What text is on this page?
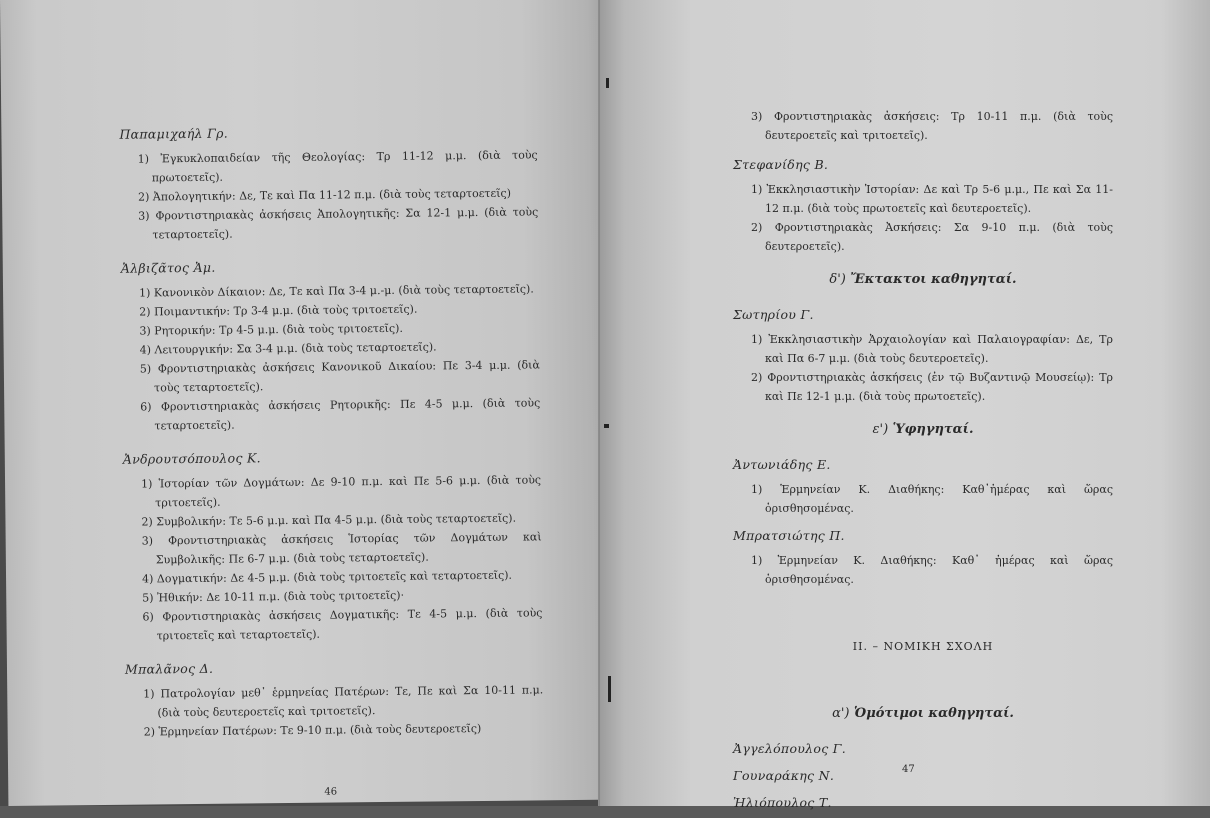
Παπαμιχαήλ Γρ.

1) Ἐγκυκλοπαιδείαν τῆς Θεολογίας: Τρ 11-12 μ.μ. (διὰ τοὺς πρωτοετεῖς).

2) Ἀπολογητικήν: Δε, Τε καὶ Πα 11-12 π.μ. (διὰ τοὺς τεταρτοετεῖς)

3) Φροντιστηριακὰς ἀσκήσεις Ἀπολογητικῆς: Σα 12-1 μ.μ. (διὰ τοὺς τεταρτοετεῖς).

Ἀλβιζᾶτος Ἀμ.

1) Κανονικὸν Δίκαιον: Δε, Τε καὶ Πα 3-4 μ.-μ. (διὰ τοὺς τεταρτοετεῖς).

2) Ποιμαντικήν: Τρ 3-4 μ.μ. (διὰ τοὺς τριτοετεῖς).

3) Ρητορικήν: Τρ 4-5 μ.μ. (διὰ τοὺς τριτοετεῖς).

4) Λειτουργικήν: Σα 3-4 μ.μ. (διὰ τοὺς τεταρτοετεῖς).

5) Φροντιστηριακὰς ἀσκήσεις Κανονικοῦ Δικαίου: Πε 3-4 μ.μ. (διὰ τοὺς τεταρτοετεῖς).

6) Φροντιστηριακὰς ἀσκήσεις Ρητορικῆς: Πε 4-5 μ.μ. (διὰ τοὺς τεταρτοετεῖς).

Ἀνδρουτσόπουλος Κ.

1) Ἱστορίαν τῶν Δογμάτων: Δε 9-10 π.μ. καὶ Πε 5-6 μ.μ. (διὰ τοὺς τριτοετεῖς).

2) Συμβολικήν: Τε 5-6 μ.μ. καὶ Πα 4-5 μ.μ. (διὰ τοὺς τεταρτοετεῖς).

3) Φροντιστηριακὰς ἀσκήσεις Ἱστορίας τῶν Δογμάτων καὶ Συμβολικῆς: Πε 6-7 μ.μ. (διὰ τοὺς τεταρτοετεῖς).

4) Δογματικήν: Δε 4-5 μ.μ. (διὰ τοὺς τριτοετεῖς καὶ τεταρτοετεῖς).

5) Ἠθικήν: Δε 10-11 π.μ. (διὰ τοὺς τριτοετεῖς)·

6) Φροντιστηριακὰς ἀσκήσεις Δογματικῆς: Τε 4-5 μ.μ. (διὰ τοὺς τριτοετεῖς καὶ τεταρτοετεῖς).

Μπαλᾶνος Δ.

1) Πατρολογίαν μεθ᾽ ἑρμηνείας Πατέρων: Τε, Πε καὶ Σα 10-11 π.μ. (διὰ τοὺς δευτεροετεῖς καὶ τριτοετεῖς).

2) Ἑρμηνείαν Πατέρων: Τε 9-10 π.μ. (διὰ τοὺς δευτεροετεῖς)

46

3) Φροντιστηριακὰς ἀσκήσεις: Τρ 10-11 π.μ. (διὰ τοὺς δευτεροετεῖς καὶ τριτοετεῖς).

Στεφανίδης Β.

1) Ἐκκλησιαστικὴν Ἱστορίαν: Δε καὶ Τρ 5-6 μ.μ., Πε καὶ Σα 11-12 π.μ. (διὰ τοὺς πρωτοετεῖς καὶ δευτεροετεῖς).

2) Φροντιστηριακὰς Ἀσκήσεις: Σα 9-10 π.μ. (διὰ τοὺς δευτεροετεῖς).

δ') Ἔκτακτοι καθηγηταί.
Σωτηρίου Γ.

1) Ἐκκλησιαστικὴν Ἀρχαιολογίαν καὶ Παλαιογραφίαν: Δε, Τρ καὶ Πα 6-7 μ.μ. (διὰ τοὺς δευτεροετεῖς).

2) Φροντιστηριακὰς ἀσκήσεις (ἐν τῷ Βυζαντινῷ Μουσείῳ): Τρ καὶ Πε 12-1 μ.μ. (διὰ τοὺς πρωτοετεῖς).

ε') Ὑφηγηταί.
Ἀντωνιάδης Ε.

1) Ἑρμηνείαν Κ. Διαθήκης: Καθ᾽ἡμέρας καὶ ὥρας ὁρισθησομένας.

Μπρατσιώτης Π.

1) Ἑρμηνείαν Κ. Διαθήκης: Καθ᾽ ἡμέρας καὶ ὥρας ὁρισθησομένας.

II. – ΝΟΜΙΚΗ ΣΧΟΛΗ
α') Ὁμότιμοι καθηγηταί.
Ἀγγελόπουλος Γ.
Γουναράκης Ν.
Ἠλιόπουλος Τ.
47
